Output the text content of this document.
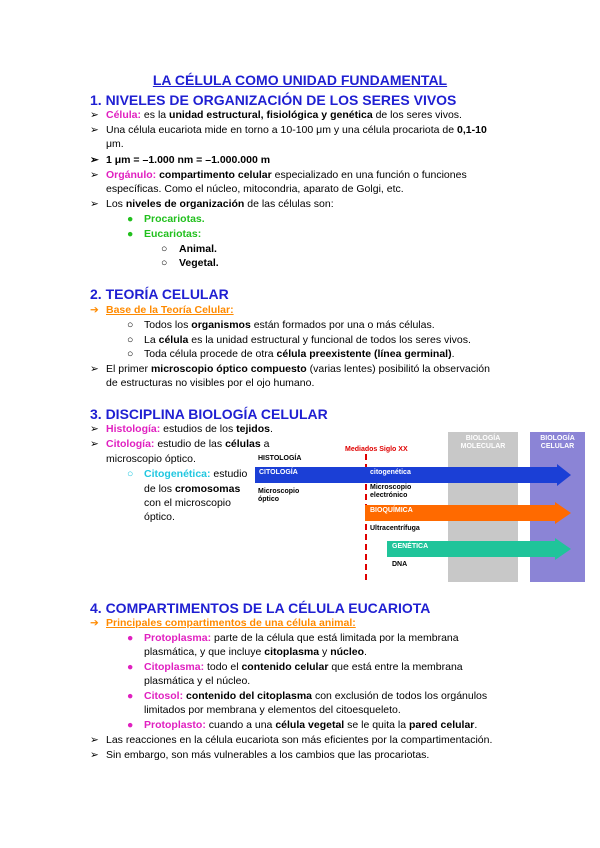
LA CÉLULA COMO UNIDAD FUNDAMENTAL
1. NIVELES DE ORGANIZACIÓN DE LOS SERES VIVOS
➢ Célula: es la unidad estructural, fisiológica y genética de los seres vivos.
➢ Una célula eucariota mide en torno a 10-100 μm y una célula procariota de 0,1-10
μm.
➢ 1 μm = –1.000 nm = –1.000.000 m
➢ Orgánulo: compartimento celular especializado en una función o funciones
específicas. Como el núcleo, mitocondria, aparato de Golgi, etc.
➢ Los niveles de organización de las células son:
● Procariotas.
● Eucariotas:
○ Animal.
○ Vegetal.
2. TEORÍA CELULAR
➔ Base de la Teoría Celular:
○ Todos los organismos están formados por una o más células.
○ La célula es la unidad estructural y funcional de todos los seres vivos.
○ Toda célula procede de otra célula preexistente (línea germinal).
➢ El primer microscopio óptico compuesto (varias lentes) posibilitó la observación
de estructuras no visibles por el ojo humano.
3. DISCIPLINA BIOLOGÍA CELULAR
➢ Histología: estudios de los tejidos.
➢ Citología: estudio de las células a
microscopio óptico.
○ Citogenética: estudio
de los cromosomas
con el microscopio
óptico.
BIOLOGÍA
MOLECULAR
BIOLOGÍA
CELULAR
Mediados Siglo XX
HISTOLOGÍA
CITOLOGÍA	citogenética
Microscopio
óptico
Microscopio
electrónico
BIOQUÍMICA
Ultracentrífuga
GENÉTICA
DNA
4. COMPARTIMENTOS DE LA CÉLULA EUCARIOTA
➔ Principales compartimentos de una célula animal:
● Protoplasma: parte de la célula que está limitada por la membrana
plasmática, y que incluye citoplasma y núcleo.
● Citoplasma: todo el contenido celular que está entre la membrana
plasmática y el núcleo.
● Citosol: contenido del citoplasma con exclusión de todos los orgánulos
limitados por membrana y elementos del citoesqueleto.
● Protoplasto: cuando a una célula vegetal se le quita la pared celular.
➢ Las reacciones en la célula eucariota son más eficientes por la compartimentación.
➢ Sin embargo, son más vulnerables a los cambios que las procariotas.
